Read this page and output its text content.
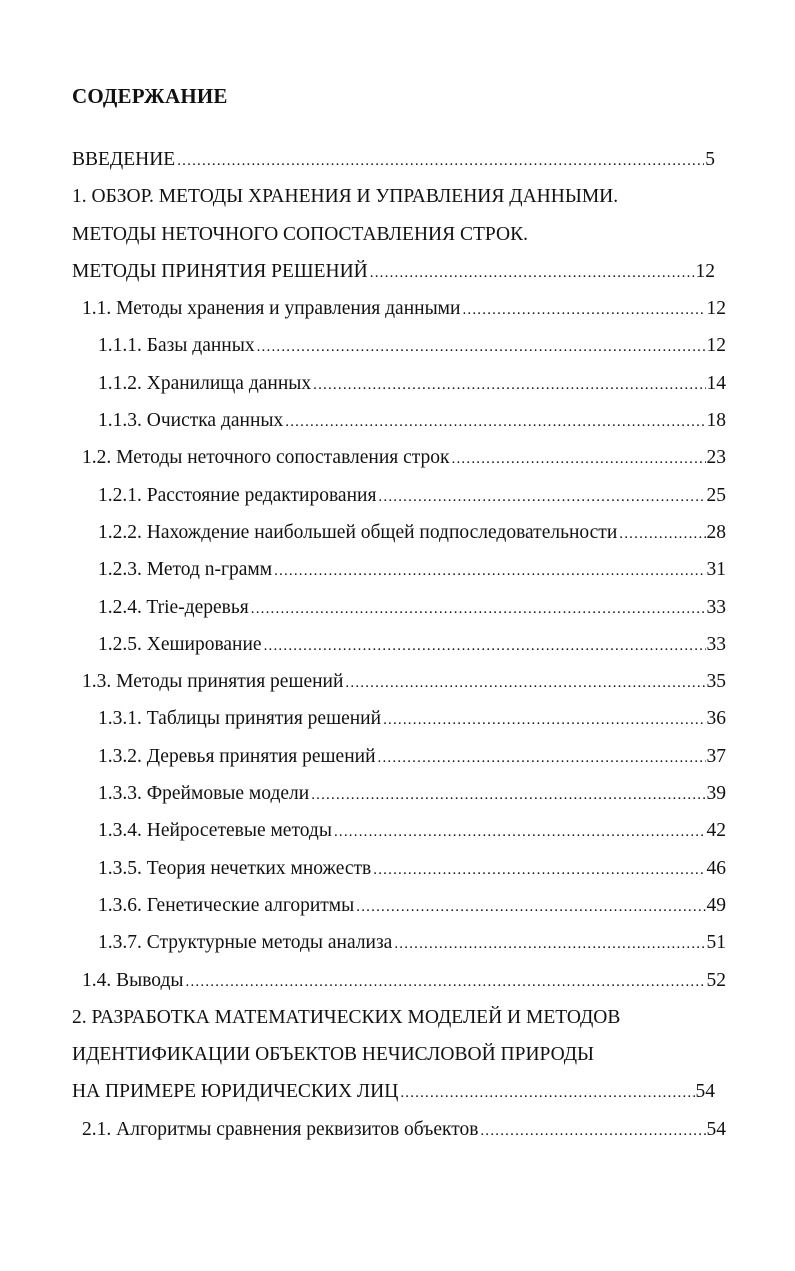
СОДЕРЖАНИЕ
ВВЕДЕНИЕ .....	5
1. ОБЗОР. МЕТОДЫ ХРАНЕНИЯ И УПРАВЛЕНИЯ ДАННЫМИ.
МЕТОДЫ НЕТОЧНОГО СОПОСТАВЛЕНИЯ СТРОК.
МЕТОДЫ ПРИНЯТИЯ РЕШЕНИЙ .....	12
1.1. Методы хранения и управления данными .....	12
1.1.1. Базы данных .....	12
1.1.2. Хранилища данных .....	14
1.1.3. Очистка данных .....	18
1.2. Методы неточного сопоставления строк .....	23
1.2.1. Расстояние редактирования .....	25
1.2.2. Нахождение наибольшей общей подпоследовательности .....	28
1.2.3. Метод n-грамм .....	31
1.2.4. Trie-деревья .....	33
1.2.5. Хеширование .....	33
1.3. Методы принятия решений .....	35
1.3.1. Таблицы принятия решений .....	36
1.3.2. Деревья принятия решений .....	37
1.3.3. Фреймовые модели .....	39
1.3.4. Нейросетевые методы .....	42
1.3.5. Теория нечетких множеств .....	46
1.3.6. Генетические алгоритмы .....	49
1.3.7. Структурные методы анализа .....	51
1.4. Выводы .....	52
2. РАЗРАБОТКА МАТЕМАТИЧЕСКИХ МОДЕЛЕЙ И МЕТОДОВ
ИДЕНТИФИКАЦИИ ОБЪЕКТОВ НЕЧИСЛОВОЙ ПРИРОДЫ
НА ПРИМЕРЕ ЮРИДИЧЕСКИХ ЛИЦ .....	54
2.1. Алгоритмы сравнения реквизитов объектов .....	54
